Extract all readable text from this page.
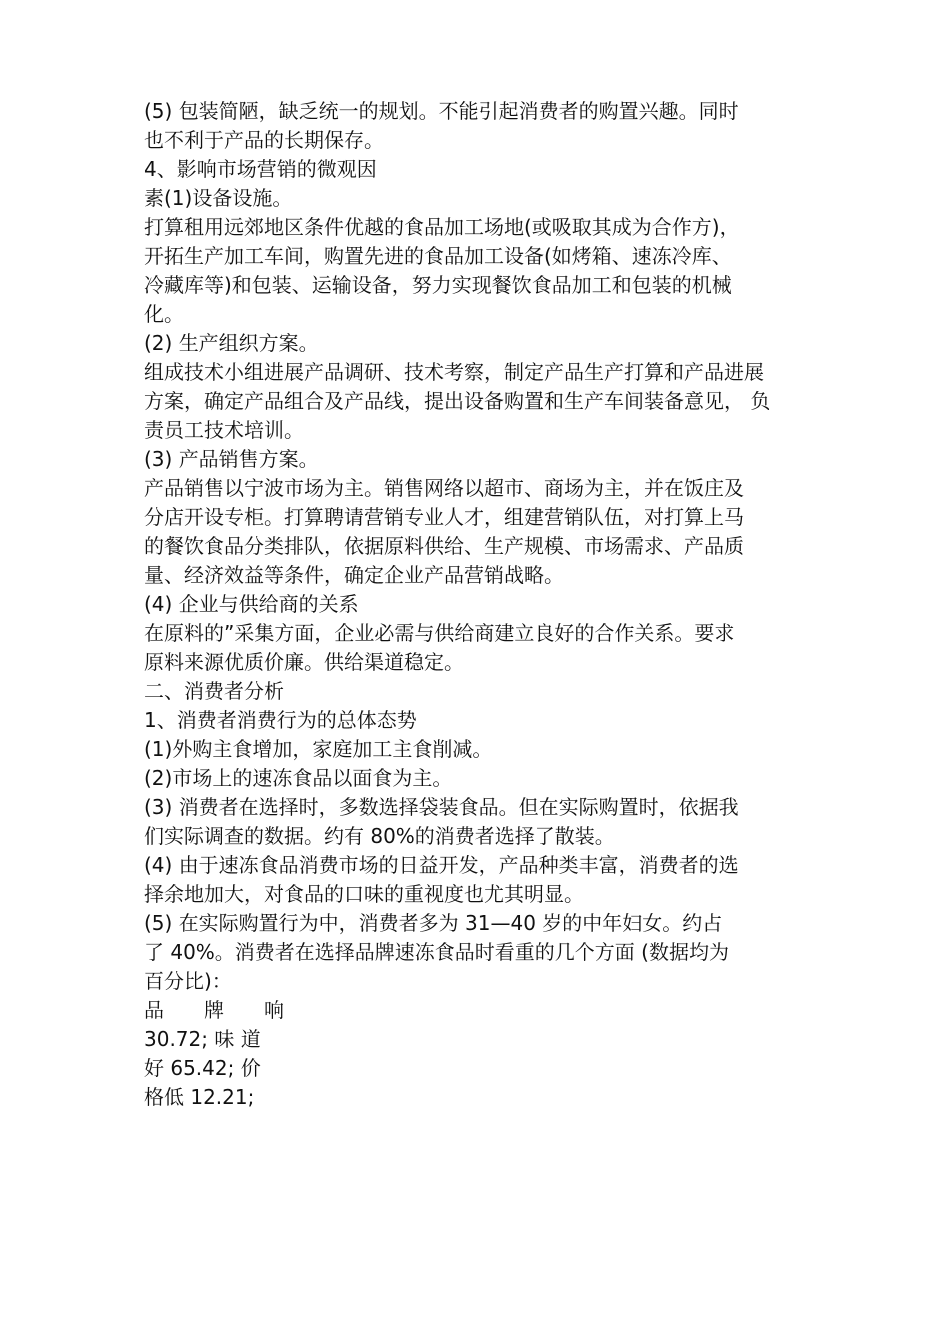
(5) 包装简陋，缺乏统一的规划。不能引起消费者的购置兴趣。同时
也不利于产品的长期保存。
4、影响市场营销的微观因
素(1)设备设施。
打算租用远郊地区条件优越的食品加工场地(或吸取其成为合作方)，
开拓生产加工车间，购置先进的食品加工设备(如烤箱、速冻冷库、
冷藏库等)和包装、运输设备，努力实现餐饮食品加工和包装的机械
化。
(2) 生产组织方案。
组成技术小组进展产品调研、技术考察，制定产品生产打算和产品进展
方案，确定产品组合及产品线，提出设备购置和生产车间装备意见， 负
责员工技术培训。
(3) 产品销售方案。
产品销售以宁波市场为主。销售网络以超市、商场为主，并在饭庄及
分店开设专柜。打算聘请营销专业人才，组建营销队伍，对打算上马
的餐饮食品分类排队，依据原料供给、生产规模、市场需求、产品质
量、经济效益等条件，确定企业产品营销战略。
(4) 企业与供给商的关系
在原料的”采集方面，企业必需与供给商建立良好的合作关系。要求
原料来源优质价廉。供给渠道稳定。
二、消费者分析
1、消费者消费行为的总体态势
(1)外购主食增加，家庭加工主食削减。
(2)市场上的速冻食品以面食为主。
(3) 消费者在选择时，多数选择袋装食品。但在实际购置时，依据我
们实际调查的数据。约有 80%的消费者选择了散装。
(4) 由于速冻食品消费市场的日益开发，产品种类丰富，消费者的选
择余地加大，对食品的口味的重视度也尤其明显。
(5) 在实际购置行为中，消费者多为 31—40 岁的中年妇女。约占
了 40%。消费者在选择品牌速冻食品时看重的几个方面 (数据均为
百分比)：
品 牌 响
30.72; 味 道
好 65.42; 价
格低 12.21;
